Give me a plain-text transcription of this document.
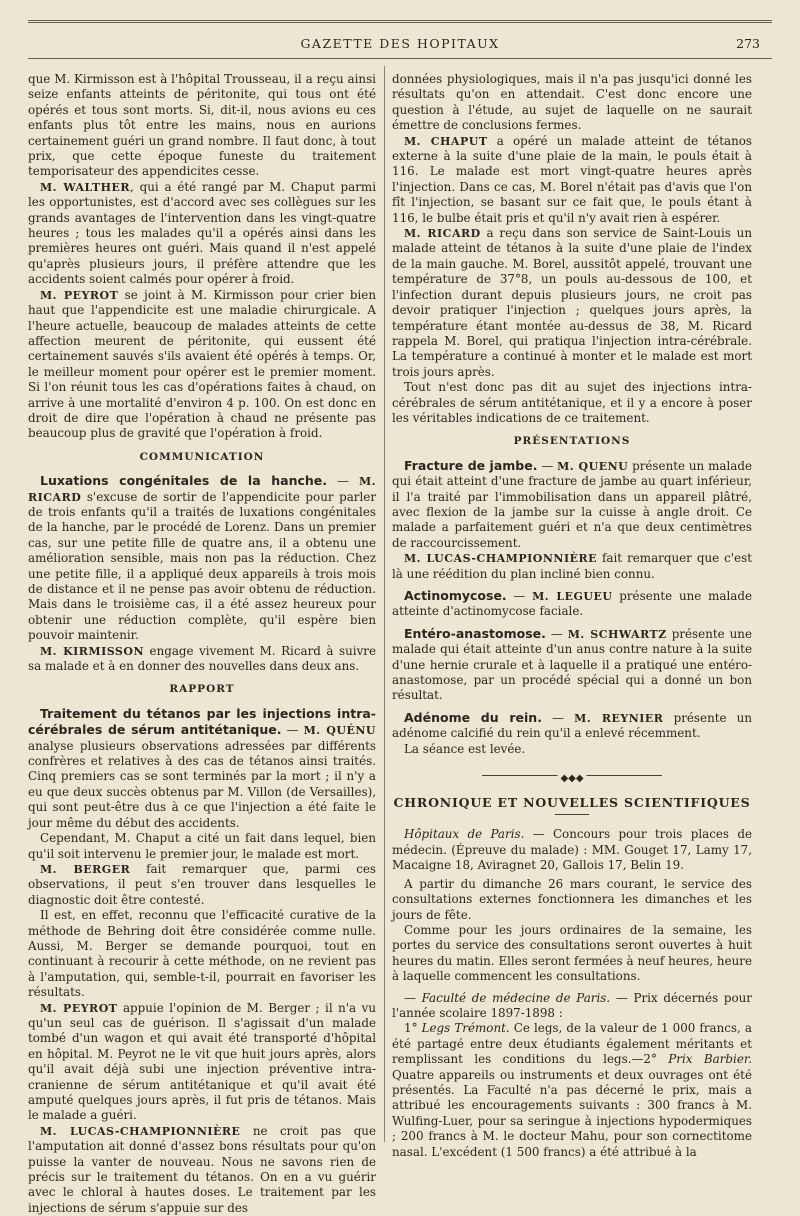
GAZETTE DES HOPITAUX	273

que M. Kirmisson est à l'hôpital Trousseau, il a reçu ainsi seize enfants atteints de péritonite, qui tous ont été opérés et tous sont morts. Si, dit-il, nous avions eu ces enfants plus tôt entre les mains, nous en aurions certainement guéri un grand nombre. Il faut donc, à tout prix, que cette époque funeste du traitement temporisateur des appendicites cesse.

M. WALTHER, qui a été rangé par M. Chaput parmi les opportunistes, est d'accord avec ses collègues sur les grands avantages de l'intervention dans les vingt-quatre heures ; tous les malades qu'il a opérés ainsi dans les premières heures ont guéri. Mais quand il n'est appelé qu'après plusieurs jours, il préfère attendre que les accidents soient calmés pour opérer à froid.

M. PEYROT se joint à M. Kirmisson pour crier bien haut que l'appendicite est une maladie chirurgicale. A l'heure actuelle, beaucoup de malades atteints de cette affection meurent de péritonite, qui eussent été certainement sauvés s'ils avaient été opérés à temps. Or, le meilleur moment pour opérer est le premier moment. Si l'on réunit tous les cas d'opérations faites à chaud, on arrive à une mortalité d'environ 4 p. 100. On est donc en droit de dire que l'opération à chaud ne présente pas beaucoup plus de gravité que l'opération à froid.

COMMUNICATION

Luxations congénitales de la hanche. — M. RICARD s'excuse de sortir de l'appendicite pour parler de trois enfants qu'il a traités de luxations congénitales de la hanche, par le procédé de Lorenz. Dans un premier cas, sur une petite fille de quatre ans, il a obtenu une amélioration sensible, mais non pas la réduction. Chez une petite fille, il a appliqué deux appareils à trois mois de distance et il ne pense pas avoir obtenu de réduction. Mais dans le troisième cas, il a été assez heureux pour obtenir une réduction complète, qu'il espère bien pouvoir maintenir.

M. KIRMISSON engage vivement M. Ricard à suivre sa malade et à en donner des nouvelles dans deux ans.

RAPPORT

Traitement du tétanos par les injections intra-cérébrales de sérum antitétanique. — M. QUÉNU analyse plusieurs observations adressées par différents confrères et relatives à des cas de tétanos ainsi traités. Cinq premiers cas se sont terminés par la mort ; il n'y a eu que deux succès obtenus par M. Villon (de Versailles), qui sont peut-être dus à ce que l'injection a été faite le jour même du début des accidents.

Cependant, M. Chaput a cité un fait dans lequel, bien qu'il soit intervenu le premier jour, le malade est mort.

M. BERGER fait remarquer que, parmi ces observations, il peut s'en trouver dans lesquelles le diagnostic doit être contesté.

Il est, en effet, reconnu que l'efficacité curative de la méthode de Behring doit être considérée comme nulle. Aussi, M. Berger se demande pourquoi, tout en continuant à recourir à cette méthode, on ne revient pas à l'amputation, qui, semble-t-il, pourrait en favoriser les résultats.

M. PEYROT appuie l'opinion de M. Berger ; il n'a vu qu'un seul cas de guérison. Il s'agissait d'un malade tombé d'un wagon et qui avait été transporté d'hôpital en hôpital. M. Peyrot ne le vit que huit jours après, alors qu'il avait déjà subi une injection préventive intra-cranienne de sérum antitétanique et qu'il avait été amputé quelques jours après, il fut pris de tétanos. Mais le malade a guéri.

M. LUCAS-CHAMPIONNIÈRE ne croit pas que l'amputation ait donné d'assez bons résultats pour qu'on puisse la vanter de nouveau. Nous ne savons rien de précis sur le traitement du tétanos. On en a vu guérir avec le chloral à hautes doses. Le traitement par les injections de sérum s'appuie sur des

données physiologiques, mais il n'a pas jusqu'ici donné les résultats qu'on en attendait. C'est donc encore une question à l'étude, au sujet de laquelle on ne saurait émettre de conclusions fermes.

M. CHAPUT a opéré un malade atteint de tétanos externe à la suite d'une plaie de la main, le pouls était à 116. Le malade est mort vingt-quatre heures après l'injection. Dans ce cas, M. Borel n'était pas d'avis que l'on fît l'injection, se basant sur ce fait que, le pouls étant à 116, le bulbe était pris et qu'il n'y avait rien à espérer.

M. RICARD a reçu dans son service de Saint-Louis un malade atteint de tétanos à la suite d'une plaie de l'index de la main gauche. M. Borel, aussitôt appelé, trouvant une température de 37°8, un pouls au-dessous de 100, et l'infection durant depuis plusieurs jours, ne croit pas devoir pratiquer l'injection ; quelques jours après, la température étant montée au-dessus de 38, M. Ricard rappela M. Borel, qui pratiqua l'injection intra-cérébrale. La température a continué à monter et le malade est mort trois jours après.

Tout n'est donc pas dit au sujet des injections intra-cérébrales de sérum antitétanique, et il y a encore à poser les véritables indications de ce traitement.

PRÉSENTATIONS

Fracture de jambe. — M. QUENU présente un malade qui était atteint d'une fracture de jambe au quart inférieur, il l'a traité par l'immobilisation dans un appareil plâtré, avec flexion de la jambe sur la cuisse à angle droit. Ce malade a parfaitement guéri et n'a que deux centimètres de raccourcissement.

M. LUCAS-CHAMPIONNIÈRE fait remarquer que c'est là une réédition du plan incliné bien connu.

Actinomycose. — M. LEGUEU présente une malade atteinte d'actinomycose faciale.

Entéro-anastomose. — M. SCHWARTZ présente une malade qui était atteinte d'un anus contre nature à la suite d'une hernie crurale et à laquelle il a pratiqué une entéro-anastomose, par un procédé spécial qui a donné un bon résultat.

Adénome du rein. — M. REYNIER présente un adénome calcifié du rein qu'il a enlevé récemment.

La séance est levée.

◆◆◆
CHRONIQUE ET NOUVELLES SCIENTIFIQUES

Hôpitaux de Paris. — Concours pour trois places de médecin. (Épreuve du malade) : MM. Gouget 17, Lamy 17, Macaigne 18, Aviragnet 20, Gallois 17, Belin 19.

A partir du dimanche 26 mars courant, le service des consultations externes fonctionnera les dimanches et les jours de fête.

Comme pour les jours ordinaires de la semaine, les portes du service des consultations seront ouvertes à huit heures du matin. Elles seront fermées à neuf heures, heure à laquelle commencent les consultations.

— Faculté de médecine de Paris. — Prix décernés pour l'année scolaire 1897-1898 :

1° Legs Trémont. Ce legs, de la valeur de 1 000 francs, a été partagé entre deux étudiants également méritants et remplissant les conditions du legs.—2° Prix Barbier. Quatre appareils ou instruments et deux ouvrages ont été présentés. La Faculté n'a pas décerné le prix, mais a attribué les encouragements suivants : 300 francs à M. Wulfing-Luer, pour sa seringue à injections hypodermiques ; 200 francs à M. le docteur Mahu, pour son cornectitome nasal. L'excédent (1 500 francs) a été attribué à la
